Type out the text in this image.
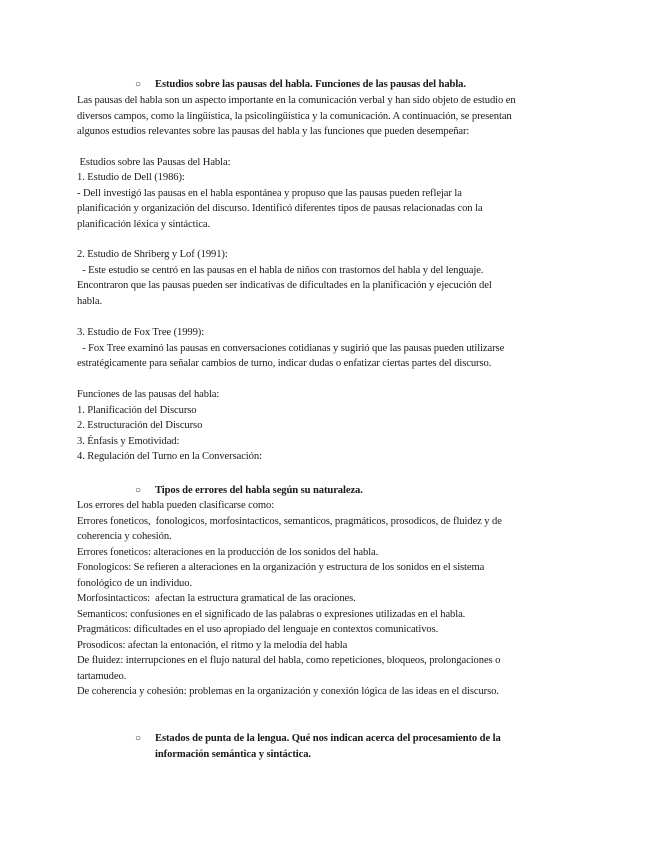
○ Estudios sobre las pausas del habla. Funciones de las pausas del habla.
Las pausas del habla son un aspecto importante en la comunicación verbal y han sido objeto de estudio en
diversos campos, como la lingüística, la psicolingüística y la comunicación. A continuación, se presentan
algunos estudios relevantes sobre las pausas del habla y las funciones que pueden desempeñar:
Estudios sobre las Pausas del Habla:
1. Estudio de Dell (1986):
- Dell investigó las pausas en el habla espontánea y propuso que las pausas pueden reflejar la
planificación y organización del discurso. Identificó diferentes tipos de pausas relacionadas con la
planificación léxica y sintáctica.
2. Estudio de Shriberg y Lof (1991):
- Este estudio se centró en las pausas en el habla de niños con trastornos del habla y del lenguaje.
Encontraron que las pausas pueden ser indicativas de dificultades en la planificación y ejecución del
habla.
3. Estudio de Fox Tree (1999):
- Fox Tree examinó las pausas en conversaciones cotidianas y sugirió que las pausas pueden utilizarse
estratégicamente para señalar cambios de turno, indicar dudas o enfatizar ciertas partes del discurso.
Funciones de las pausas del habla:
1. Planificación del Discurso
2. Estructuración del Discurso
3. Énfasis y Emotividad:
4. Regulación del Turno en la Conversación:
○ Tipos de errores del habla según su naturaleza.
Los errores del habla pueden clasificarse como:
Errores foneticos,  fonologicos, morfosintacticos, semanticos, pragmáticos, prosodicos, de fluidez y de
coherencia y cohesión.
Errores foneticos: alteraciones en la producción de los sonidos del habla.
Fonologicos: Se refieren a alteraciones en la organización y estructura de los sonidos en el sistema
fonológico de un individuo.
Morfosintacticos:  afectan la estructura gramatical de las oraciones.
Semanticos: confusiones en el significado de las palabras o expresiones utilizadas en el habla.
Pragmáticos: dificultades en el uso apropiado del lenguaje en contextos comunicativos.
Prosodicos: afectan la entonación, el ritmo y la melodía del habla
De fluidez: interrupciones en el flujo natural del habla, como repeticiones, bloqueos, prolongaciones o
tartamudeo.
De coherencia y cohesión: problemas en la organización y conexión lógica de las ideas en el discurso.
○ Estados de punta de la lengua. Qué nos indican acerca del procesamiento de la
información semántica y sintáctica.
